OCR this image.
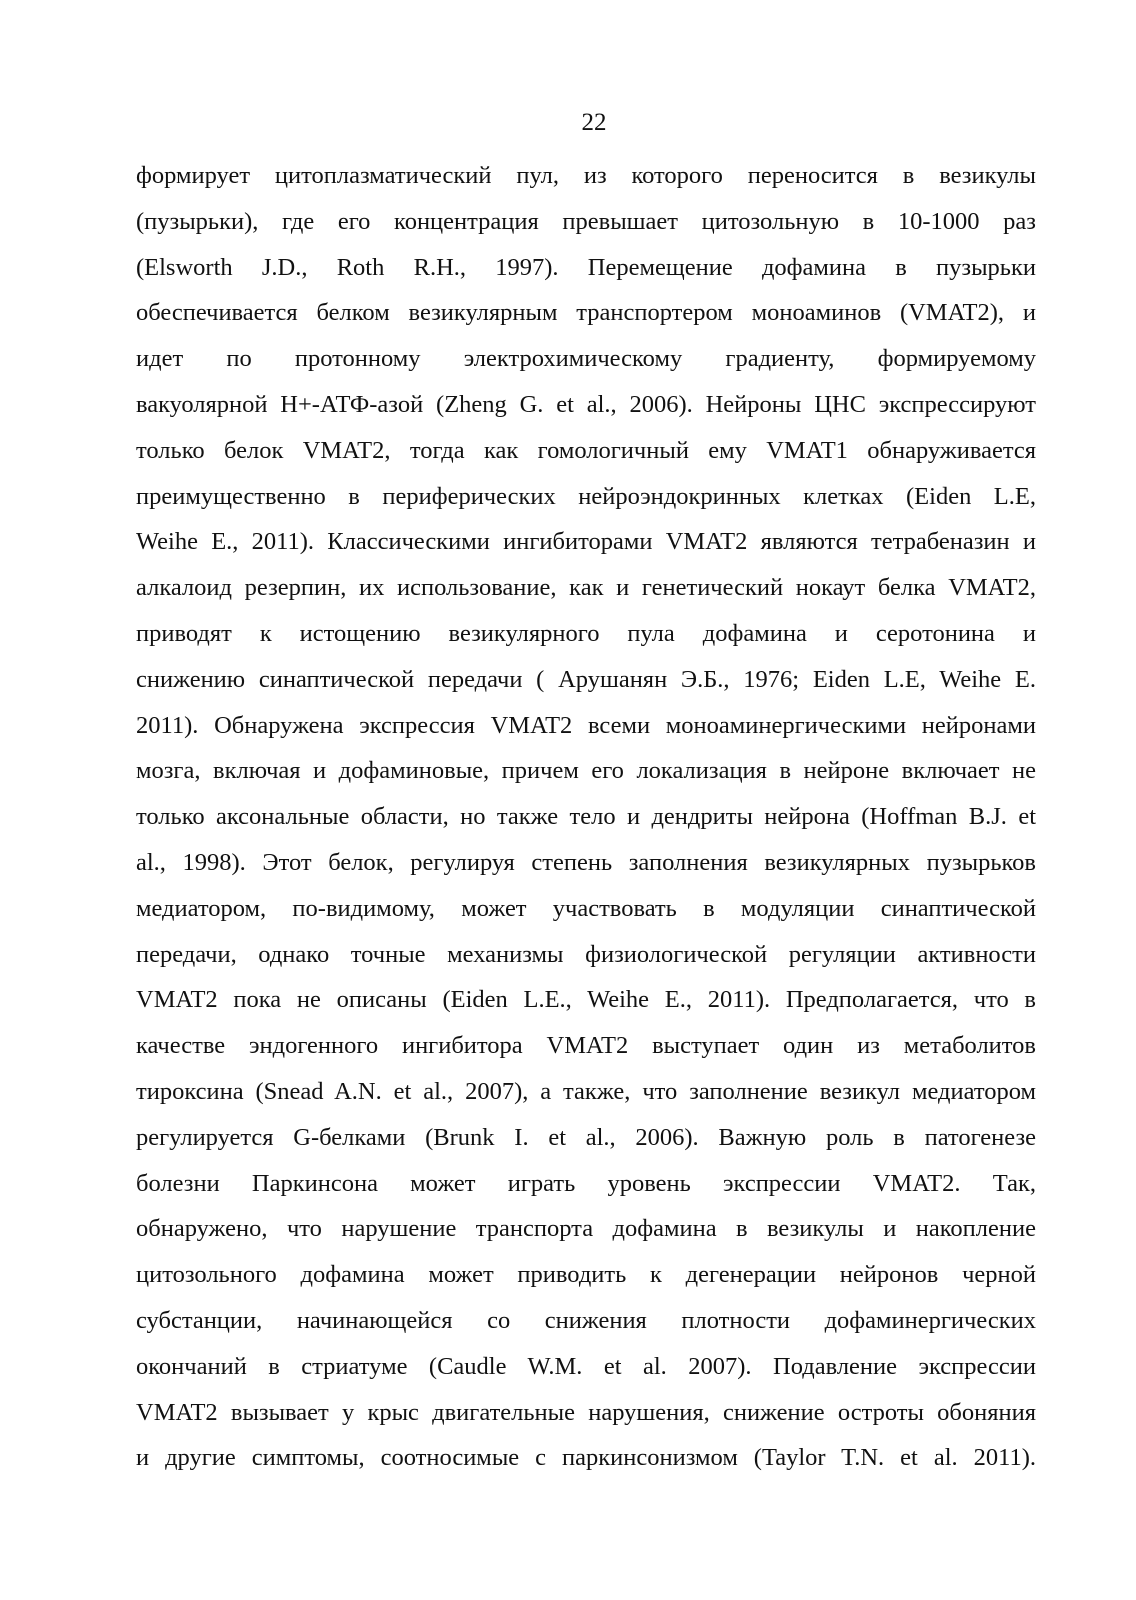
22
формирует цитоплазматический пул, из которого переносится в везикулы
(пузырьки), где его концентрация превышает цитозольную в 10-1000 раз
(Elsworth J.D., Roth R.H., 1997). Перемещение дофамина в пузырьки
обеспечивается белком везикулярным транспортером моноаминов (VMAT2), и
идет по протонному электрохимическому градиенту, формируемому
вакуолярной Н+-АТФ-азой (Zheng G. et al., 2006). Нейроны ЦНС экспрессируют
только белок VMAT2, тогда как гомологичный ему VMAT1 обнаруживается
преимущественно в периферических нейроэндокринных клетках (Eiden L.E,
Weihe E., 2011). Классическими ингибиторами VMAT2 являются тетрабеназин и
алкалоид резерпин, их использование, как и генетический нокаут белка VMAT2,
приводят к истощению везикулярного пула дофамина и серотонина и
снижению синаптической передачи ( Арушанян Э.Б., 1976; Eiden L.E, Weihe E.
2011). Обнаружена экспрессия VMAT2 всеми моноаминергическими нейронами
мозга, включая и дофаминовые, причем его локализация в нейроне включает не
только аксональные области, но также тело и дендриты нейрона (Hoffman B.J. et
al., 1998). Этот белок, регулируя степень заполнения везикулярных пузырьков
медиатором, по-видимому, может участвовать в модуляции синаптической
передачи, однако точные механизмы физиологической регуляции активности
VMAT2 пока не описаны (Eiden L.E., Weihe E., 2011). Предполагается, что в
качестве эндогенного ингибитора VMAT2 выступает один из метаболитов
тироксина (Snead A.N. et al., 2007), а также, что заполнение везикул медиатором
регулируется G-белками (Brunk I. et al., 2006). Важную роль в патогенезе
болезни Паркинсона может играть уровень экспрессии VMAT2. Так,
обнаружено, что нарушение транспорта дофамина в везикулы и накопление
цитозольного дофамина может приводить к дегенерации нейронов черной
субстанции, начинающейся со снижения плотности дофаминергических
окончаний в стриатуме (Caudle W.M. et al. 2007). Подавление экспрессии
VMAT2 вызывает у крыс двигательные нарушения, снижение остроты обоняния
и другие симптомы, соотносимые с паркинсонизмом (Taylor T.N. et al. 2011).
